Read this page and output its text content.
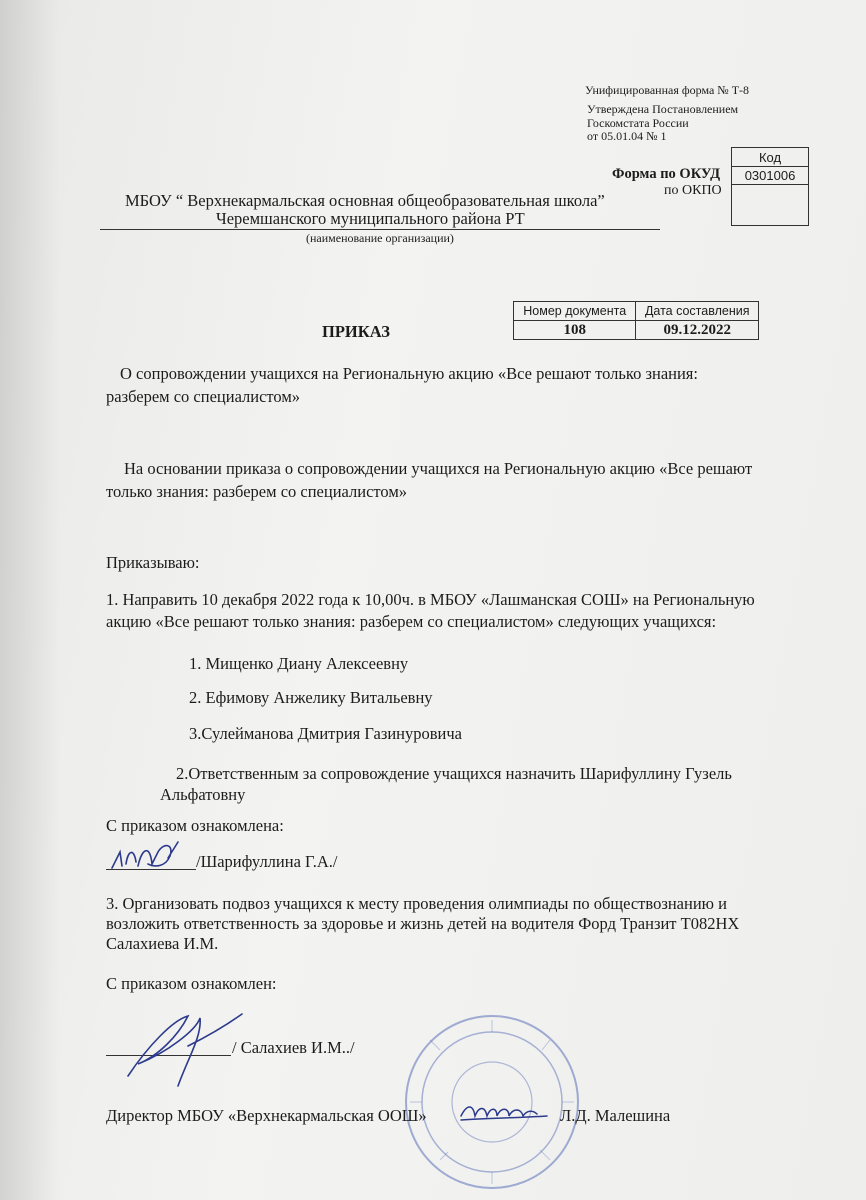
Унифицированная форма № Т-8
Утверждена Постановлением
Госкомстата России
от 05.01.04 № 1
Код
0301006

Форма по ОКУД
по ОКПО
МБОУ “ Верхнекармальская основная общеобразовательная школа”
Черемшанского муниципального района РТ
(наименование организации)
Номер документа	Дата составления
108	09.12.2022
ПРИКАЗ
О сопровождении учащихся на Региональную акцию «Все решают только знания:
разберем со специалистом»
На основании приказа о сопровождении учащихся на Региональную акцию «Все решают
только знания: разберем со специалистом»
Приказываю:
1. Направить 10 декабря 2022 года к 10,00ч. в МБОУ «Лашманская СОШ» на Региональную
акцию «Все решают только знания: разберем со специалистом» следующих учащихся:
1. Мищенко Диану Алексеевну
2. Ефимову Анжелику Витальевну
3.Сулейманова Дмитрия Газинуровича
2.Ответственным за сопровождение учащихся назначить Шарифуллину Гузель
Альфатовну
С приказом ознакомлена:
/Шарифуллина Г.А./
3. Организовать подвоз учащихся к месту проведения олимпиады по обществознанию и
возложить ответственность за здоровье и жизнь детей на водителя Форд Транзит Т082НХ
Салахиева И.М.
С приказом ознакомлен:
/ Салахиев И.М../
Директор МБОУ «Верхнекармальская ООШ»	Л.Д. Малешина
